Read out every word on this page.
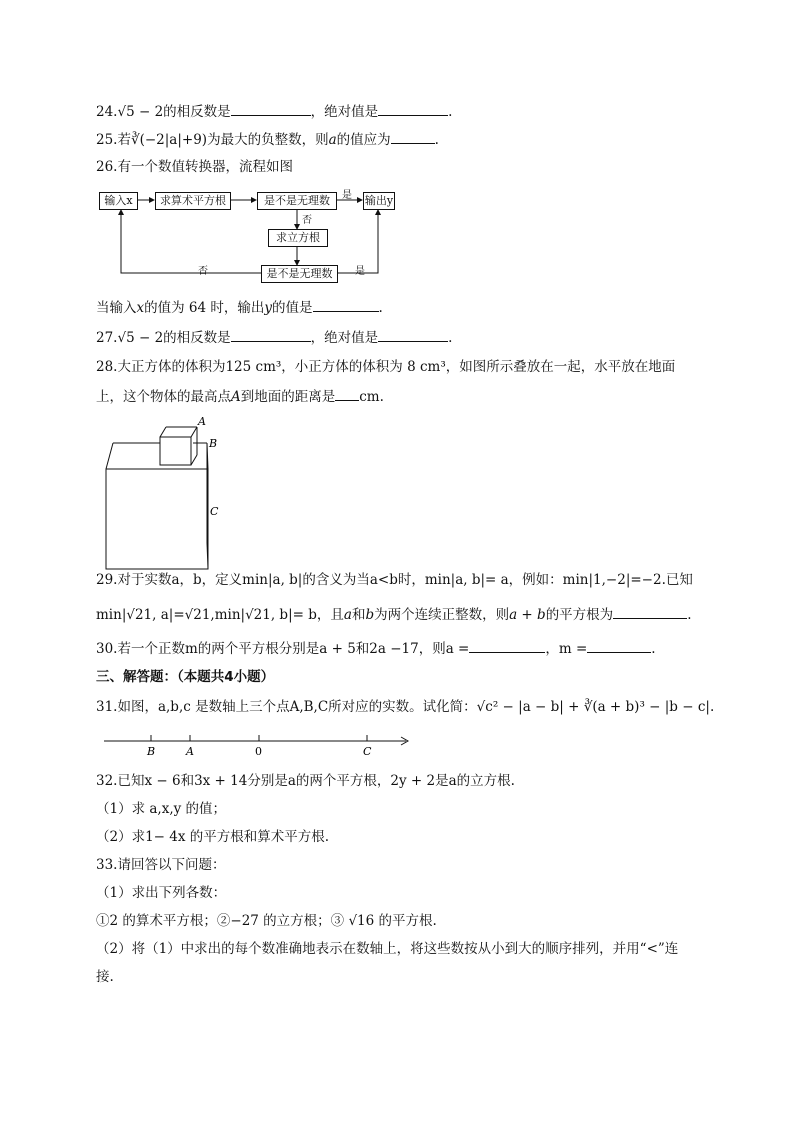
24.√5 − 2的相反数是	，绝对值是	.
25.若∛(−2|a|+9)为最大的负整数，则a的值应为	.
26.有一个数值转换器，流程如图
输入x	求算术平方根	是不是无理数	输出y
求立方根
是不是无理数
是
否
是
否
当输入x的值为 64 时，输出y的值是	.
27.√5 − 2的相反数是	，绝对值是	.
28.大正方体的体积为125 cm³，小正方体的体积为 8 cm³，如图所示叠放在一起，水平放在地面
上，这个物体的最高点A到地面的距离是 cm.
A
B
C
29.对于实数a，b，定义min|a, b|的含义为当a<b时，min|a, b|= a，例如：min|1,−2|=−2.已知
min|√21, a|=√21,min|√21, b|= b，且a和b为两个连续正整数，则a + b的平方根为	.
30.若一个正数m的两个平方根分别是a + 5和2a −17，则a =	，m =	.
三、解答题：（本题共4小题）
31.如图，a,b,c 是数轴上三个点A,B,C所对应的实数。试化简：√c² − |a − b| + ∛(a + b)³ − |b − c|.
B	A	0	C
32.已知x − 6和3x + 14分别是a的两个平方根，2y + 2是a的立方根.
（1）求 a,x,y 的值；
（2）求1− 4x 的平方根和算术平方根.
33.请回答以下问题：
（1）求出下列各数：
①2 的算术平方根；②−27 的立方根；③ √16 的平方根.
（2）将（1）中求出的每个数准确地表示在数轴上，将这些数按从小到大的顺序排列，并用“<”连
接.
